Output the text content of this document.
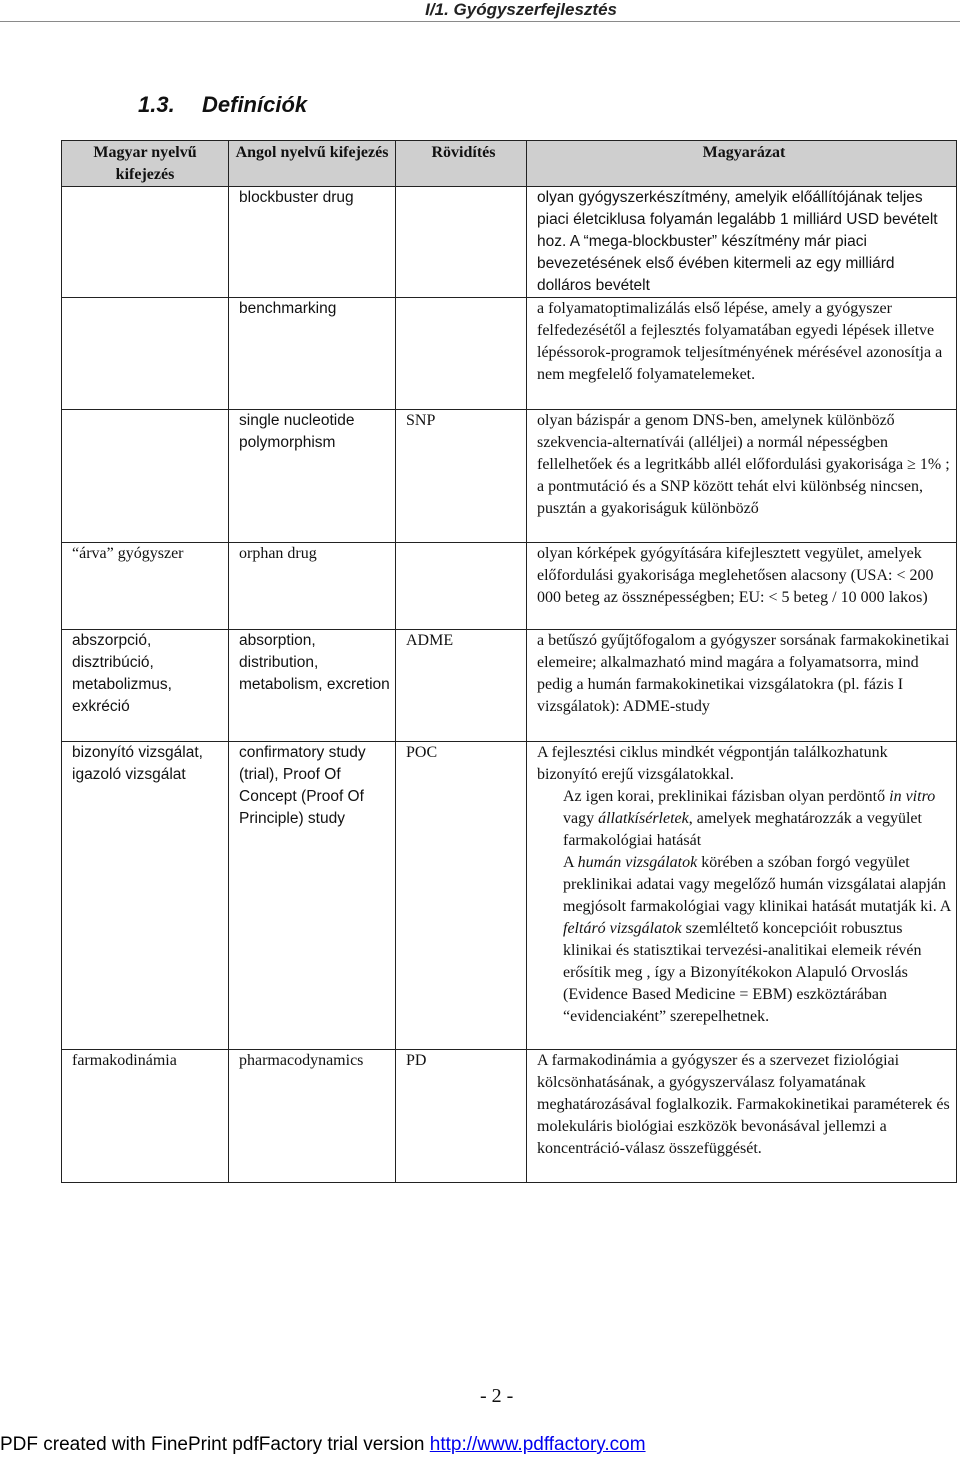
I/1. Gyógyszerfejlesztés
1.3. Definíciók
Magyar nyelvű kifejezés	Angol nyelvű kifejezés	Rövidítés	Magyarázat
	blockbuster drug		olyan gyógyszerkészítmény, amelyik előállítójának teljes piaci életciklusa folyamán legalább 1 milliárd USD bevételt hoz. A “mega-blockbuster” készítmény már piaci bevezetésének első évében kitermeli az egy milliárd dolláros bevételt
	benchmarking		a folyamatoptimalizálás első lépése, amely a gyógyszer felfedezésétől a fejlesztés folyamatában egyedi lépések illetve lépéssorok-programok teljesítményének mérésével azonosítja a nem megfelelő folyamatelemeket.
	single nucleotide polymorphism	SNP	olyan bázispár a genom DNS-ben, amelynek különböző szekvencia-alternatívái (alléljei) a normál népességben fellelhetőek és a legritkább allél előfordulási gyakorisága ≥ 1% ; a pontmutáció és a SNP között tehát elvi különbség nincsen, pusztán a gyakoriságuk különböző
“árva” gyógyszer	orphan drug		olyan kórképek gyógyítására kifejlesztett vegyület, amelyek előfordulási gyakorisága meglehetősen alacsony (USA: < 200 000 beteg az össznépességben; EU: < 5 beteg / 10 000 lakos)
abszorpció, disztribúció, metabolizmus, exkréció	absorption, distribution, metabolism, excretion	ADME	a betűszó gyűjtőfogalom a gyógyszer sorsának farmakokinetikai elemeire; alkalmazható mind magára a folyamatsorra, mind pedig a humán farmakokinetikai vizsgálatokra (pl. fázis I vizsgálatok): ADME-study
bizonyító vizsgálat, igazoló vizsgálat	confirmatory study (trial), Proof Of Concept (Proof Of Principle) study	POC	A fejlesztési ciklus mindkét végpontján találkozhatunk bizonyító erejű vizsgálatokkal.
Az igen korai, preklinikai fázisban olyan perdöntő in vitro vagy állatkísérletek, amelyek meghatározzák a vegyület farmakológiai hatását
A humán vizsgálatok körében a szóban forgó vegyület preklinikai adatai vagy megelőző humán vizsgálatai alapján megjósolt farmakológiai vagy klinikai hatását mutatják ki. A feltáró vizsgálatok szemléltető koncepcióit robusztus klinikai és statisztikai tervezési-analitikai elemeik révén erősítik meg , így a Bizonyítékokon Alapuló Orvoslás (Evidence Based Medicine = EBM) eszköztárában “evidenciaként” szerepelhetnek.

farmakodinámia	pharmacodynamics	PD	A farmakodinámia a gyógyszer és a szervezet fiziológiai kölcsönhatásának, a gyógyszerválasz folyamatának meghatározásával foglalkozik. Farmakokinetikai paraméterek és molekuláris biológiai eszközök bevonásával jellemzi a koncentráció-válasz összefüggését.
- 2 -
PDF created with FinePrint pdfFactory trial version http://www.pdffactory.com
